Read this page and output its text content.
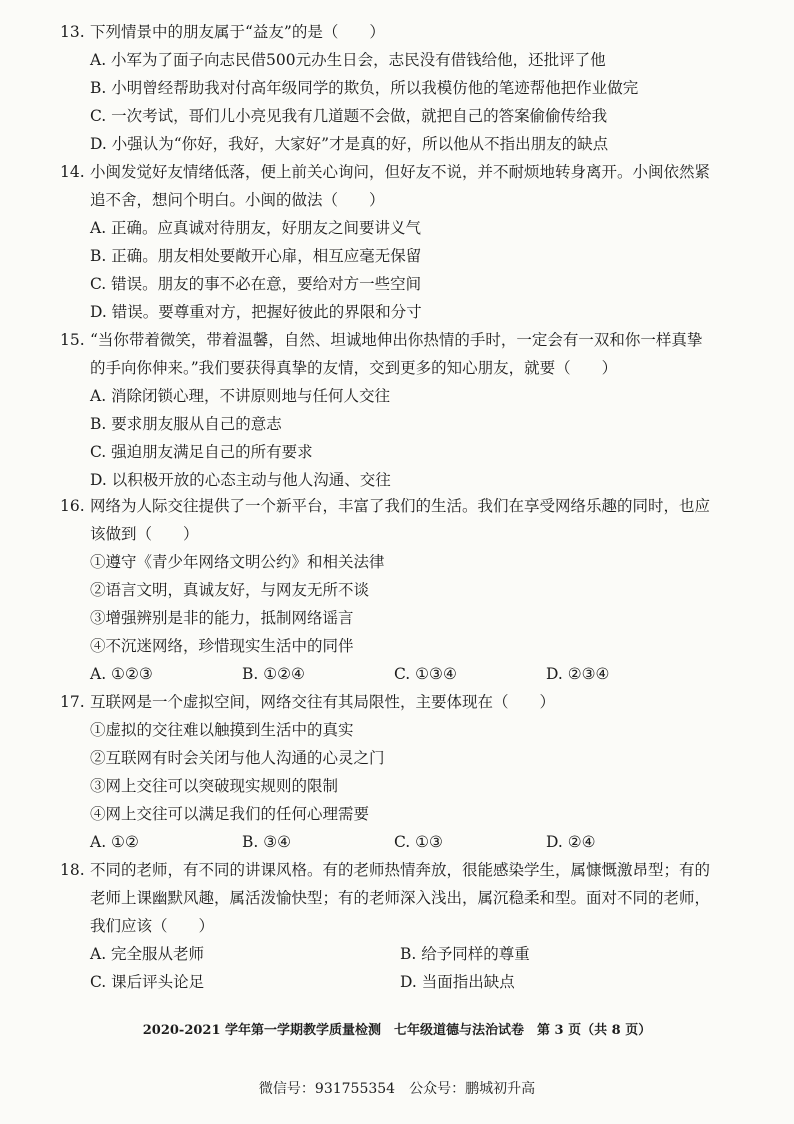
13. 下列情景中的朋友属于“益友”的是（　　）
A. 小军为了面子向志民借500元办生日会，志民没有借钱给他，还批评了他
B. 小明曾经帮助我对付高年级同学的欺负，所以我模仿他的笔迹帮他把作业做完
C. 一次考试，哥们儿小亮见我有几道题不会做，就把自己的答案偷偷传给我
D. 小强认为“你好，我好，大家好”才是真的好，所以他从不指出朋友的缺点
14. 小闽发觉好友情绪低落，便上前关心询问，但好友不说，并不耐烦地转身离开。小闽依然紧
追不舍，想问个明白。小闽的做法（　　）
A. 正确。应真诚对待朋友，好朋友之间要讲义气
B. 正确。朋友相处要敞开心扉，相互应毫无保留
C. 错误。朋友的事不必在意，要给对方一些空间
D. 错误。要尊重对方，把握好彼此的界限和分寸
15. “当你带着微笑，带着温馨，自然、坦诚地伸出你热情的手时，一定会有一双和你一样真挚
的手向你伸来。”我们要获得真挚的友情，交到更多的知心朋友，就要（　　）
A. 消除闭锁心理，不讲原则地与任何人交往
B. 要求朋友服从自己的意志
C. 强迫朋友满足自己的所有要求
D. 以积极开放的心态主动与他人沟通、交往
16. 网络为人际交往提供了一个新平台，丰富了我们的生活。我们在享受网络乐趣的同时，也应
该做到（　　）
①遵守《青少年网络文明公约》和相关法律
②语言文明，真诚友好，与网友无所不谈
③增强辨别是非的能力，抵制网络谣言
④不沉迷网络，珍惜现实生活中的同伴
A. ①②③	B. ①②④	C. ①③④	D. ②③④
17. 互联网是一个虚拟空间，网络交往有其局限性，主要体现在（　　）
①虚拟的交往难以触摸到生活中的真实
②互联网有时会关闭与他人沟通的心灵之门
③网上交往可以突破现实规则的限制
④网上交往可以满足我们的任何心理需要
A. ①②	B. ③④	C. ①③	D. ②④
18. 不同的老师，有不同的讲课风格。有的老师热情奔放，很能感染学生，属慷慨激昂型；有的
老师上课幽默风趣，属活泼愉快型；有的老师深入浅出，属沉稳柔和型。面对不同的老师，
我们应该（　　）
A. 完全服从老师	B. 给予同样的尊重
C. 课后评头论足	D. 当面指出缺点
2020-2021 学年第一学期教学质量检测　七年级道德与法治试卷　第 3 页（共 8 页）
微信号：931755354　公众号：鹏城初升高
